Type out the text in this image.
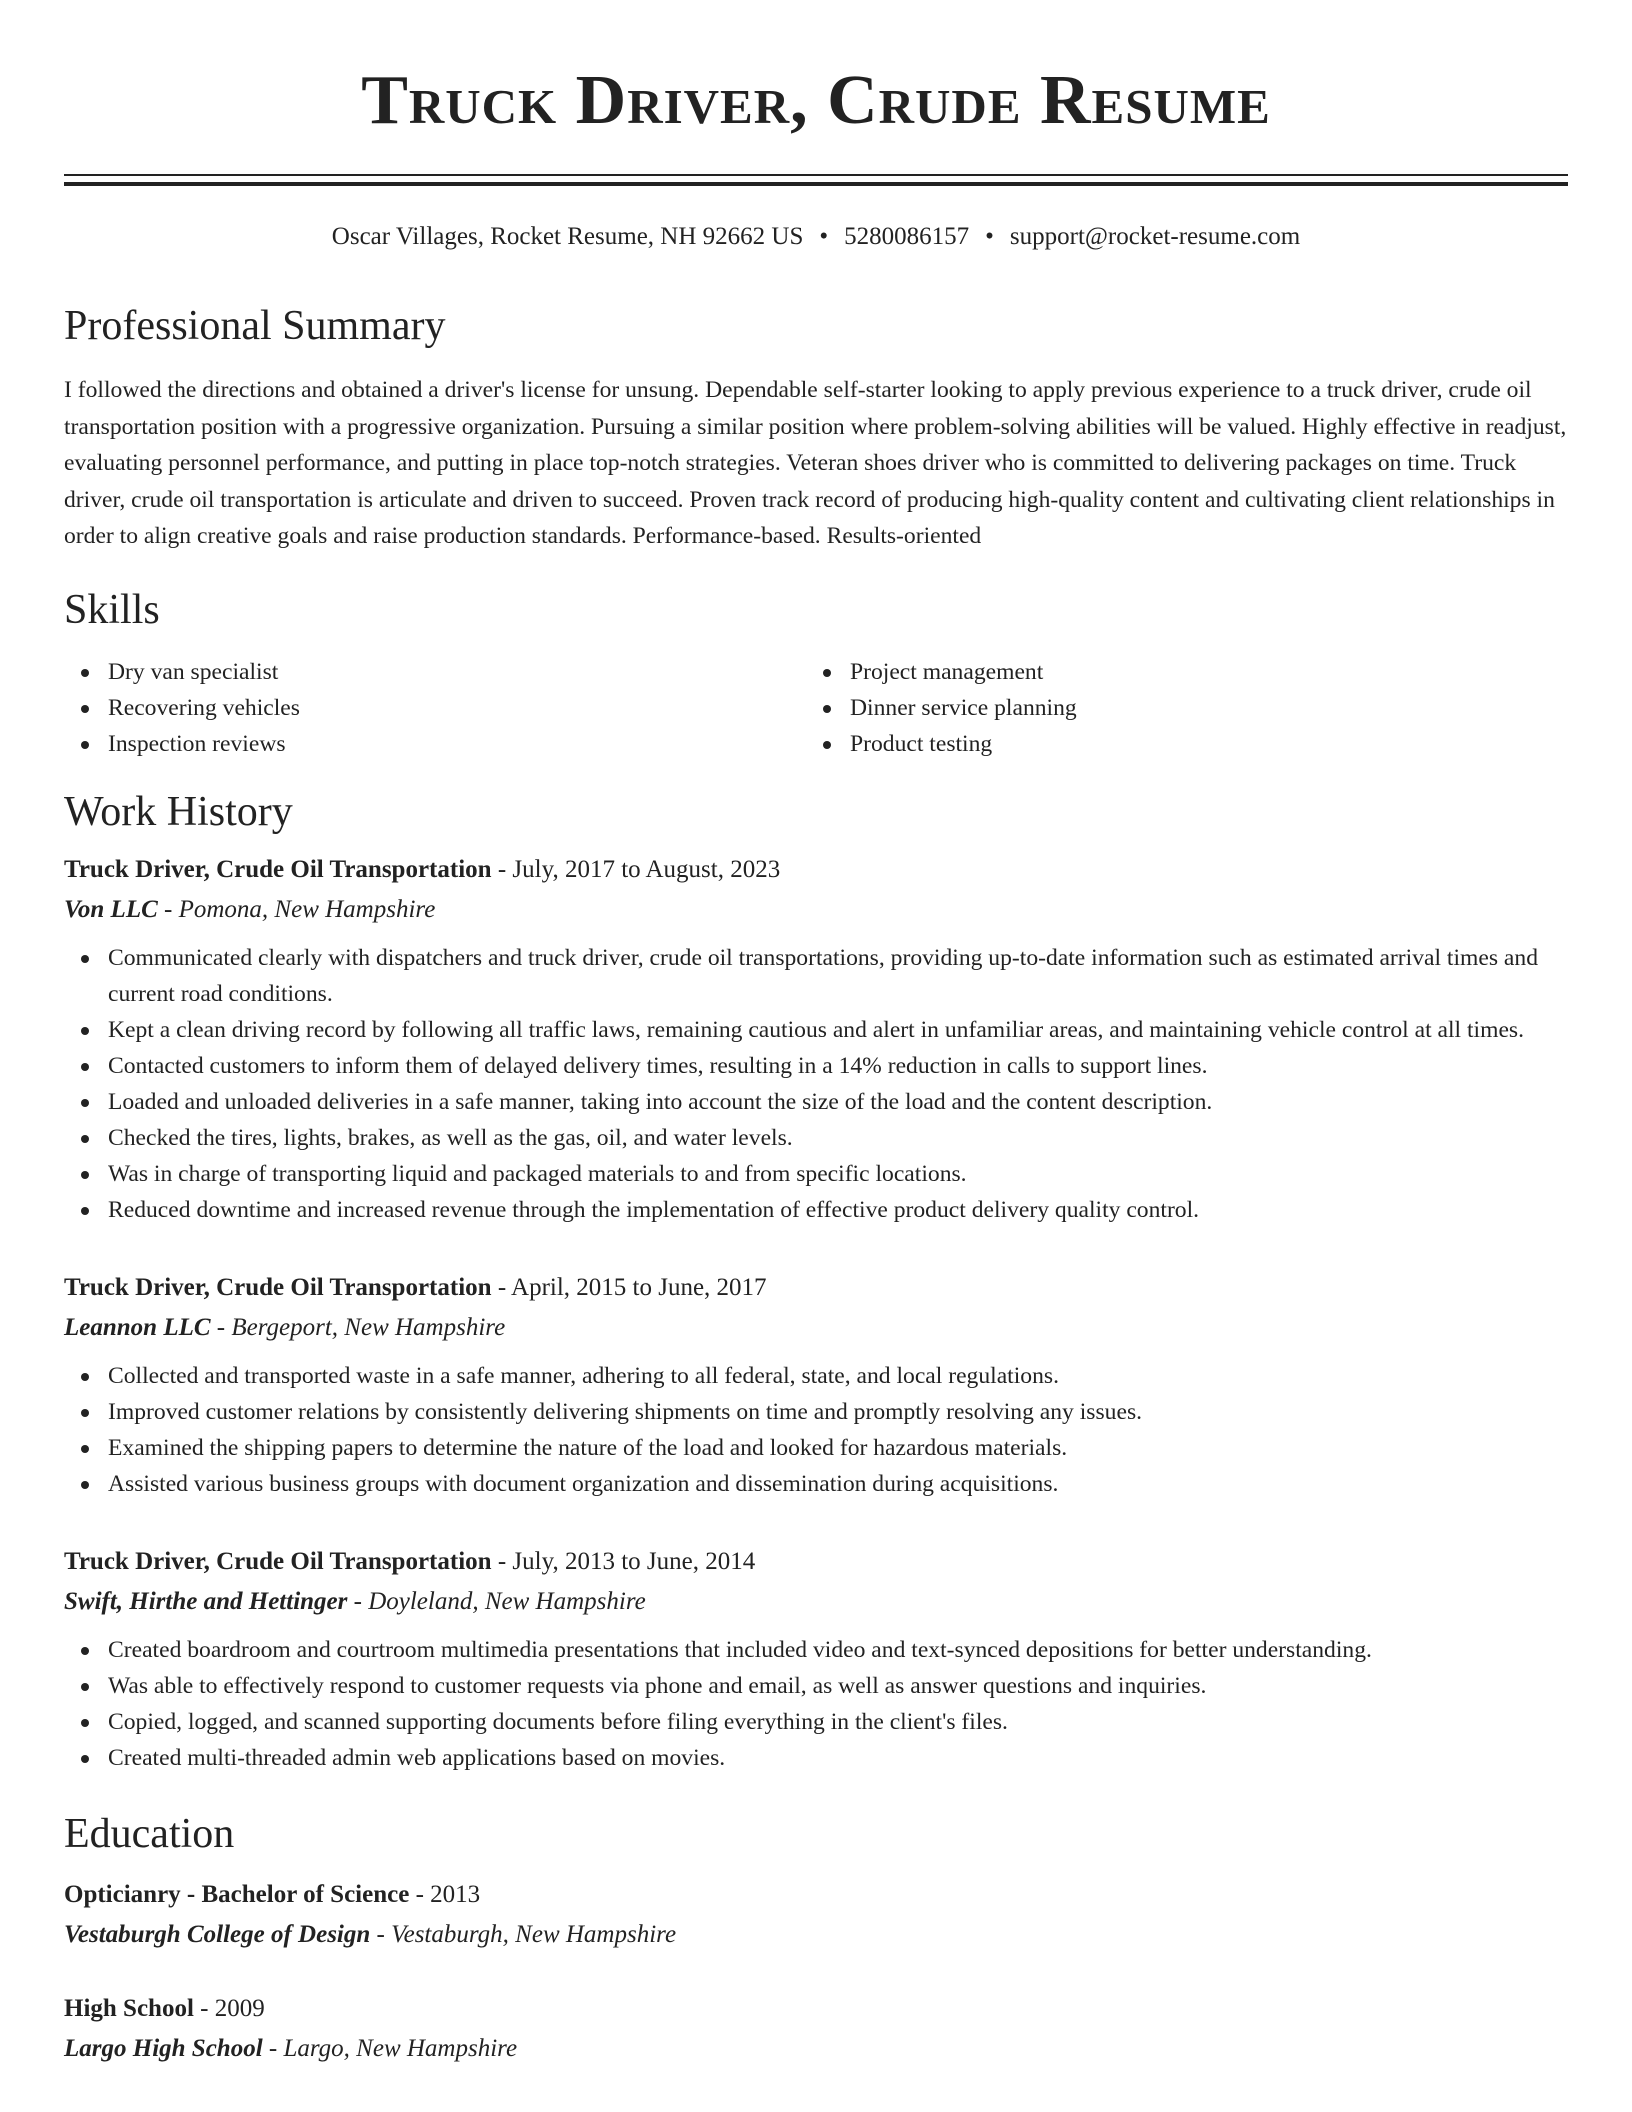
Truck Driver, Crude Resume
Oscar Villages, Rocket Resume, NH 92662 US • 5280086157 • support@rocket-resume.com
Professional Summary

I followed the directions and obtained a driver's license for unsung. Dependable self-starter looking to apply previous experience to a truck driver, crude oil transportation position with a progressive organization. Pursuing a similar position where problem-solving abilities will be valued. Highly effective in readjust, evaluating personnel performance, and putting in place top-notch strategies. Veteran shoes driver who is committed to delivering packages on time. Truck driver, crude oil transportation is articulate and driven to succeed. Proven track record of producing high-quality content and cultivating client relationships in order to align creative goals and raise production standards. Performance-based. Results-oriented

Skills
Dry van specialist
Recovering vehicles
Inspection reviews
Project management
Dinner service planning
Product testing
Work History
Truck Driver, Crude Oil Transportation - July, 2017 to August, 2023
Von LLC - Pomona, New Hampshire
Communicated clearly with dispatchers and truck driver, crude oil transportations, providing up-to-date information such as estimated arrival times and current road conditions.
Kept a clean driving record by following all traffic laws, remaining cautious and alert in unfamiliar areas, and maintaining vehicle control at all times.
Contacted customers to inform them of delayed delivery times, resulting in a 14% reduction in calls to support lines.
Loaded and unloaded deliveries in a safe manner, taking into account the size of the load and the content description.
Checked the tires, lights, brakes, as well as the gas, oil, and water levels.
Was in charge of transporting liquid and packaged materials to and from specific locations.
Reduced downtime and increased revenue through the implementation of effective product delivery quality control.
Truck Driver, Crude Oil Transportation - April, 2015 to June, 2017
Leannon LLC - Bergeport, New Hampshire
Collected and transported waste in a safe manner, adhering to all federal, state, and local regulations.
Improved customer relations by consistently delivering shipments on time and promptly resolving any issues.
Examined the shipping papers to determine the nature of the load and looked for hazardous materials.
Assisted various business groups with document organization and dissemination during acquisitions.
Truck Driver, Crude Oil Transportation - July, 2013 to June, 2014
Swift, Hirthe and Hettinger - Doyleland, New Hampshire
Created boardroom and courtroom multimedia presentations that included video and text-synced depositions for better understanding.
Was able to effectively respond to customer requests via phone and email, as well as answer questions and inquiries.
Copied, logged, and scanned supporting documents before filing everything in the client's files.
Created multi-threaded admin web applications based on movies.
Education
Opticianry - Bachelor of Science - 2013
Vestaburgh College of Design - Vestaburgh, New Hampshire
High School - 2009
Largo High School - Largo, New Hampshire
